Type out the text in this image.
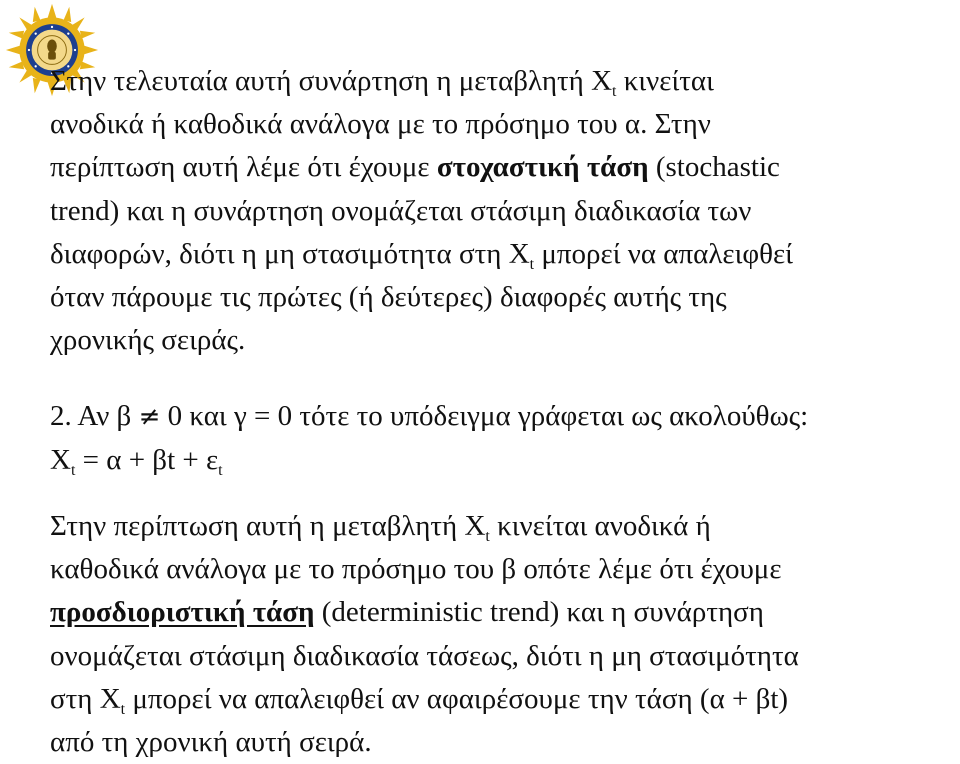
Στην τελευταία αυτή συνάρτηση η μεταβλητή $X_t$ κινείται
ανοδικά ή καθοδικά ανάλογα με το πρόσημο του α. Στην
περίπτωση αυτή λέμε ότι έχουμε στοχαστική τάση (stochastic
trend) και η συνάρτηση ονομάζεται στάσιμη διαδικασία των
διαφορών, διότι η μη στασιμότητα στη $X_t$ μπορεί να απαλειφθεί
όταν πάρουμε τις πρώτες (ή δεύτερες) διαφορές αυτής της
χρονικής σειράς.
2. Αν β ≠ 0 και γ = 0 τότε το υπόδειγμα γράφεται ως ακολούθως:
$X_t = \alpha + \beta t + \varepsilon_t$
Στην περίπτωση αυτή η μεταβλητή $X_t$ κινείται ανοδικά ή
καθοδικά ανάλογα με το πρόσημο του β οπότε λέμε ότι έχουμε
προσδιοριστική τάση (deterministic trend) και η συνάρτηση
ονομάζεται στάσιμη διαδικασία τάσεως, διότι η μη στασιμότητα
στη $X_t$ μπορεί να απαλειφθεί αν αφαιρέσουμε την τάση (α + βt)
από τη χρονική αυτή σειρά.
